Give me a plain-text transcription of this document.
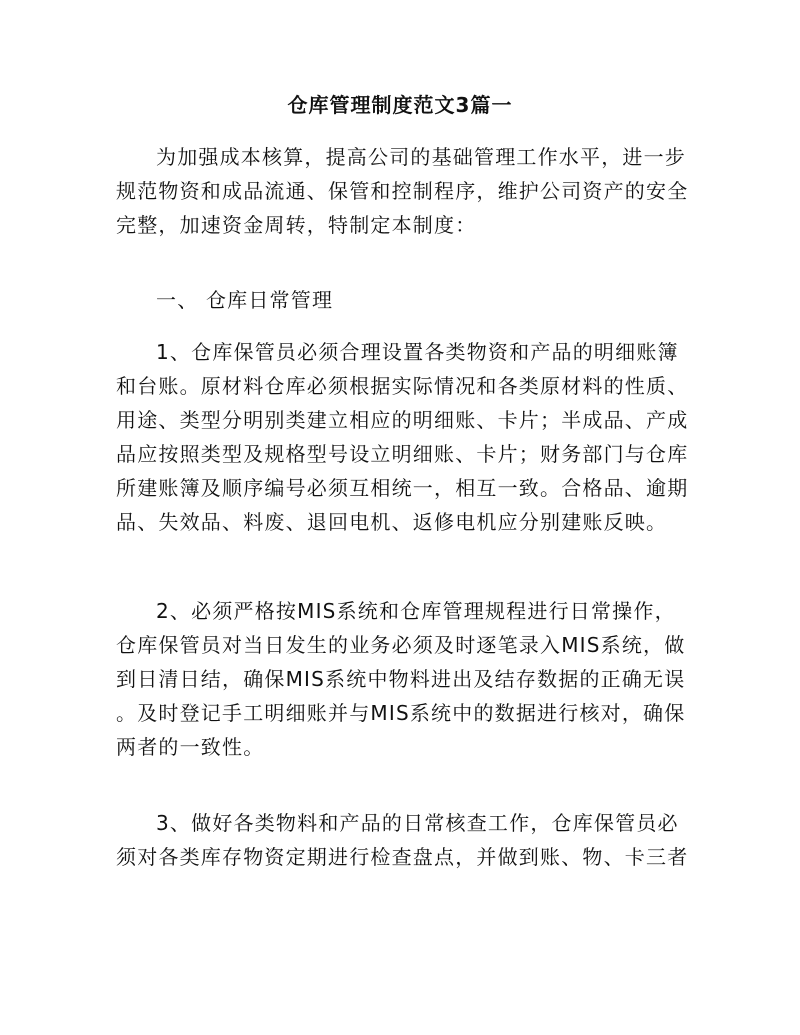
仓库管理制度范文3篇一

为加强成本核算，提高公司的基础管理工作水平，进一步
规范物资和成品流通、保管和控制程序，维护公司资产的安全
完整，加速资金周转，特制定本制度：

一、 仓库日常管理

1、仓库保管员必须合理设置各类物资和产品的明细账簿
和台账。原材料仓库必须根据实际情况和各类原材料的性质、
用途、类型分明别类建立相应的明细账、卡片；半成品、产成
品应按照类型及规格型号设立明细账、卡片；财务部门与仓库
所建账簿及顺序编号必须互相统一，相互一致。合格品、逾期
品、失效品、料废、退回电机、返修电机应分别建账反映。

2、必须严格按MIS系统和仓库管理规程进行日常操作，
仓库保管员对当日发生的业务必须及时逐笔录入MIS系统，做
到日清日结，确保MIS系统中物料进出及结存数据的正确无误
。及时登记手工明细账并与MIS系统中的数据进行核对，确保
两者的一致性。

3、做好各类物料和产品的日常核查工作，仓库保管员必
须对各类库存物资定期进行检查盘点，并做到账、物、卡三者
